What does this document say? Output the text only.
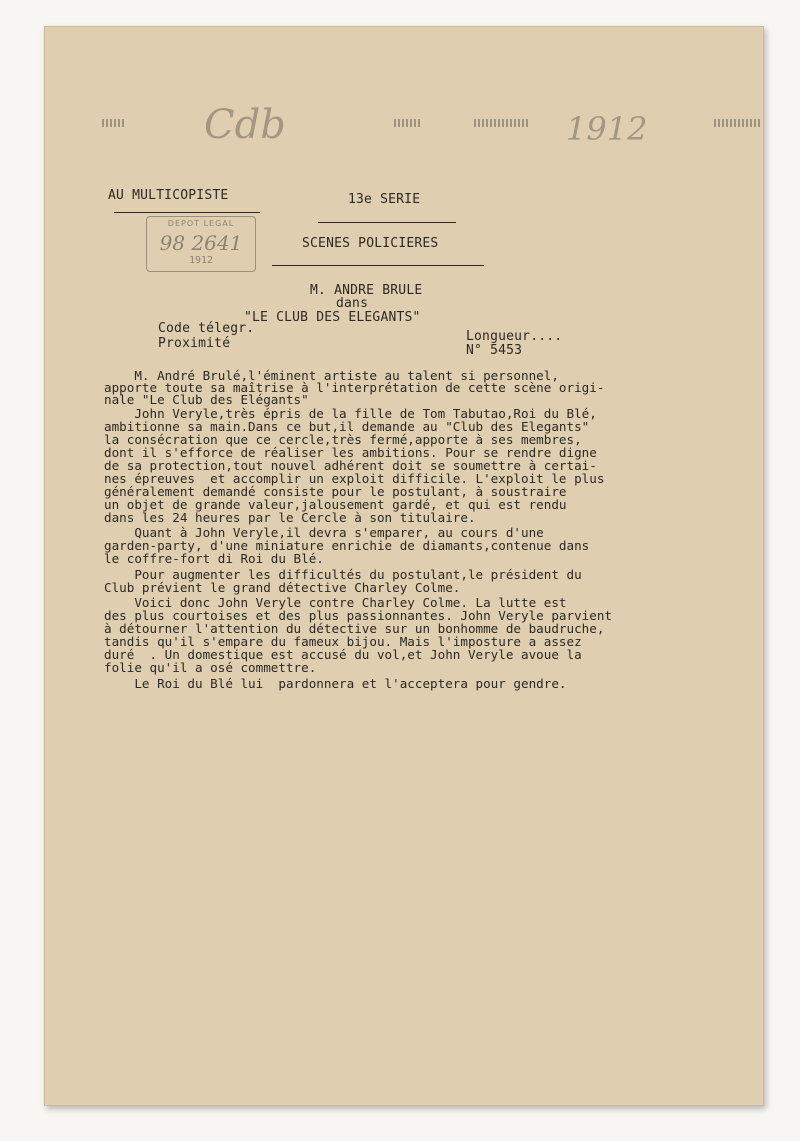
Cdb	1912
AU MULTICOPISTE	13e SERIE
SCENES POLICIERES
DEPOT LEGAL
98 2641
1912
M. ANDRE BRULE
dans
"LE CLUB DES ELEGANTS"
Code télegr.
Proximité	Longueur....
N° 5453
M. André Brulé,l'éminent artiste au talent si personnel,
apporte toute sa maîtrise à l'interprétation de cette scène origi-
nale "Le Club des Elégants"
John Veryle,très épris de la fille de Tom Tabutao,Roi du Blé,
ambitionne sa main.Dans ce but,il demande au "Club des Elegants"
la consécration que ce cercle,très fermé,apporte à ses membres,
dont il s'efforce de réaliser les ambitions. Pour se rendre digne
de sa protection,tout nouvel adhérent doit se soumettre à certai-
nes épreuves  et accomplir un exploit difficile. L'exploit le plus
généralement demandé consiste pour le postulant, à soustraire
un objet de grande valeur,jalousement gardé, et qui est rendu
dans les 24 heures par le Cercle à son titulaire.
Quant à John Veryle,il devra s'emparer, au cours d'une
garden-party, d'une miniature enrichie de diamants,contenue dans
le coffre-fort di Roi du Blé.
Pour augmenter les difficultés du postulant,le président du
Club prévient le grand détective Charley Colme.
Voici donc John Veryle contre Charley Colme. La lutte est
des plus courtoises et des plus passionnantes. John Veryle parvient
à détourner l'attention du détective sur un bonhomme de baudruche,
tandis qu'il s'empare du fameux bijou. Mais l'imposture a assez
duré  . Un domestique est accusé du vol,et John Veryle avoue la
folie qu'il a osé commettre.
Le Roi du Blé lui  pardonnera et l'acceptera pour gendre.
